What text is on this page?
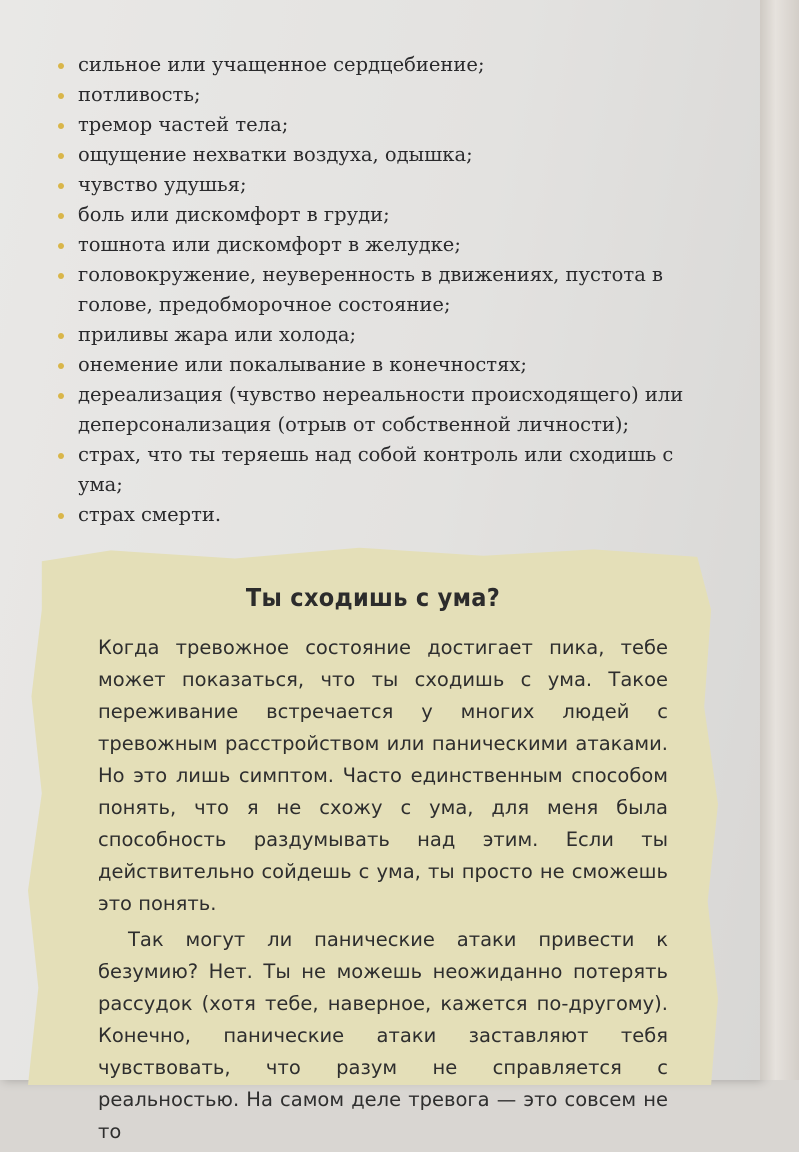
сильное или учащенное сердцебиение;
потливость;
тремор частей тела;
ощущение нехватки воздуха, одышка;
чувство удушья;
боль или дискомфорт в груди;
тошнота или дискомфорт в желудке;
головокружение, неуверенность в движениях, пустота в голове, предобморочное состояние;
приливы жара или холода;
онемение или покалывание в конечностях;
дереализация (чувство нереальности происходящего) или деперсонализация (отрыв от собственной личности);
страх, что ты теряешь над собой контроль или сходишь с ума;
страх смерти.
Ты сходишь с ума?

Когда тревожное состояние достигает пика, тебе может показаться, что ты сходишь с ума. Такое переживание встречается у многих людей с тревожным расстройством или паническими атаками. Но это лишь симптом. Часто единственным способом понять, что я не схожу с ума, для меня была способность раздумывать над этим. Если ты действительно сойдешь с ума, ты просто не сможешь это понять.

Так могут ли панические атаки привести к безумию? Нет. Ты не можешь неожиданно потерять рассудок (хотя тебе, наверное, кажется по-другому). Конечно, панические атаки заставляют тебя чувствовать, что разум не справляется с реальностью. На самом деле тревога — это совсем не то
